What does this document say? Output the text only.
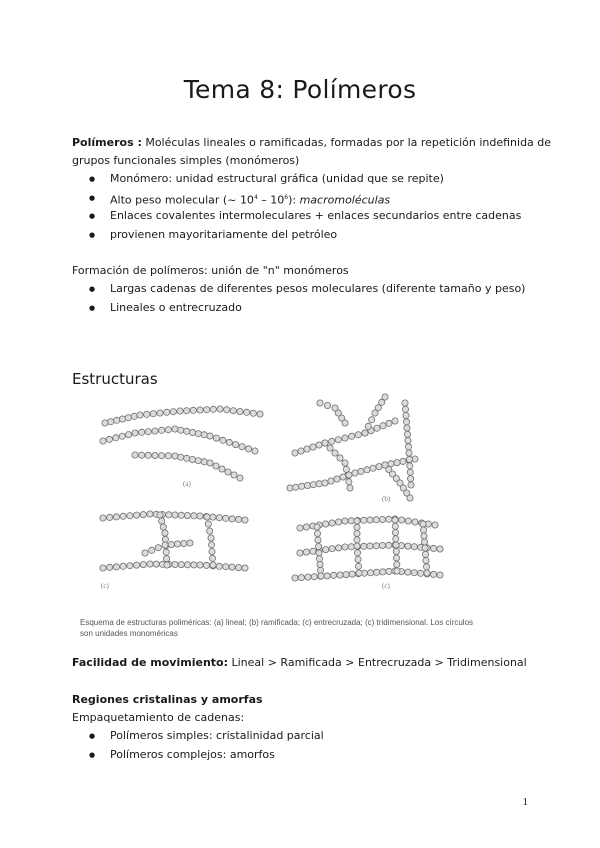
Tema 8: Polímeros
Polímeros : Moléculas lineales o ramificadas, formadas por la repetición indefinida de
grupos funcionales simples (monómeros)
● Monómero: unidad estructural gráfica (unidad que se repite)
● Alto peso molecular (~ $10^4 - 10^6$): macromoléculas
● Enlaces covalentes intermoleculares + enlaces secundarios entre cadenas
● provienen mayoritariamente del petróleo
Formación de polímeros: unión de "n" monómeros
● Largas cadenas de diferentes pesos moleculares (diferente tamaño y peso)
● Lineales o entrecruzado
Estructuras
(a)
(b)
(c)	(c)
Esquema de estructuras poliméricas: (a) lineal; (b) ramificada; (c) entrecruzada; (c) tridimensional. Los círculos
son unidades monoméricas
Facilidad de movimiento: Lineal > Ramificada > Entrecruzada > Tridimensional
Regiones cristalinas y amorfas
Empaquetamiento de cadenas:
● Polímeros simples: cristalinidad parcial
● Polímeros complejos: amorfos
1
